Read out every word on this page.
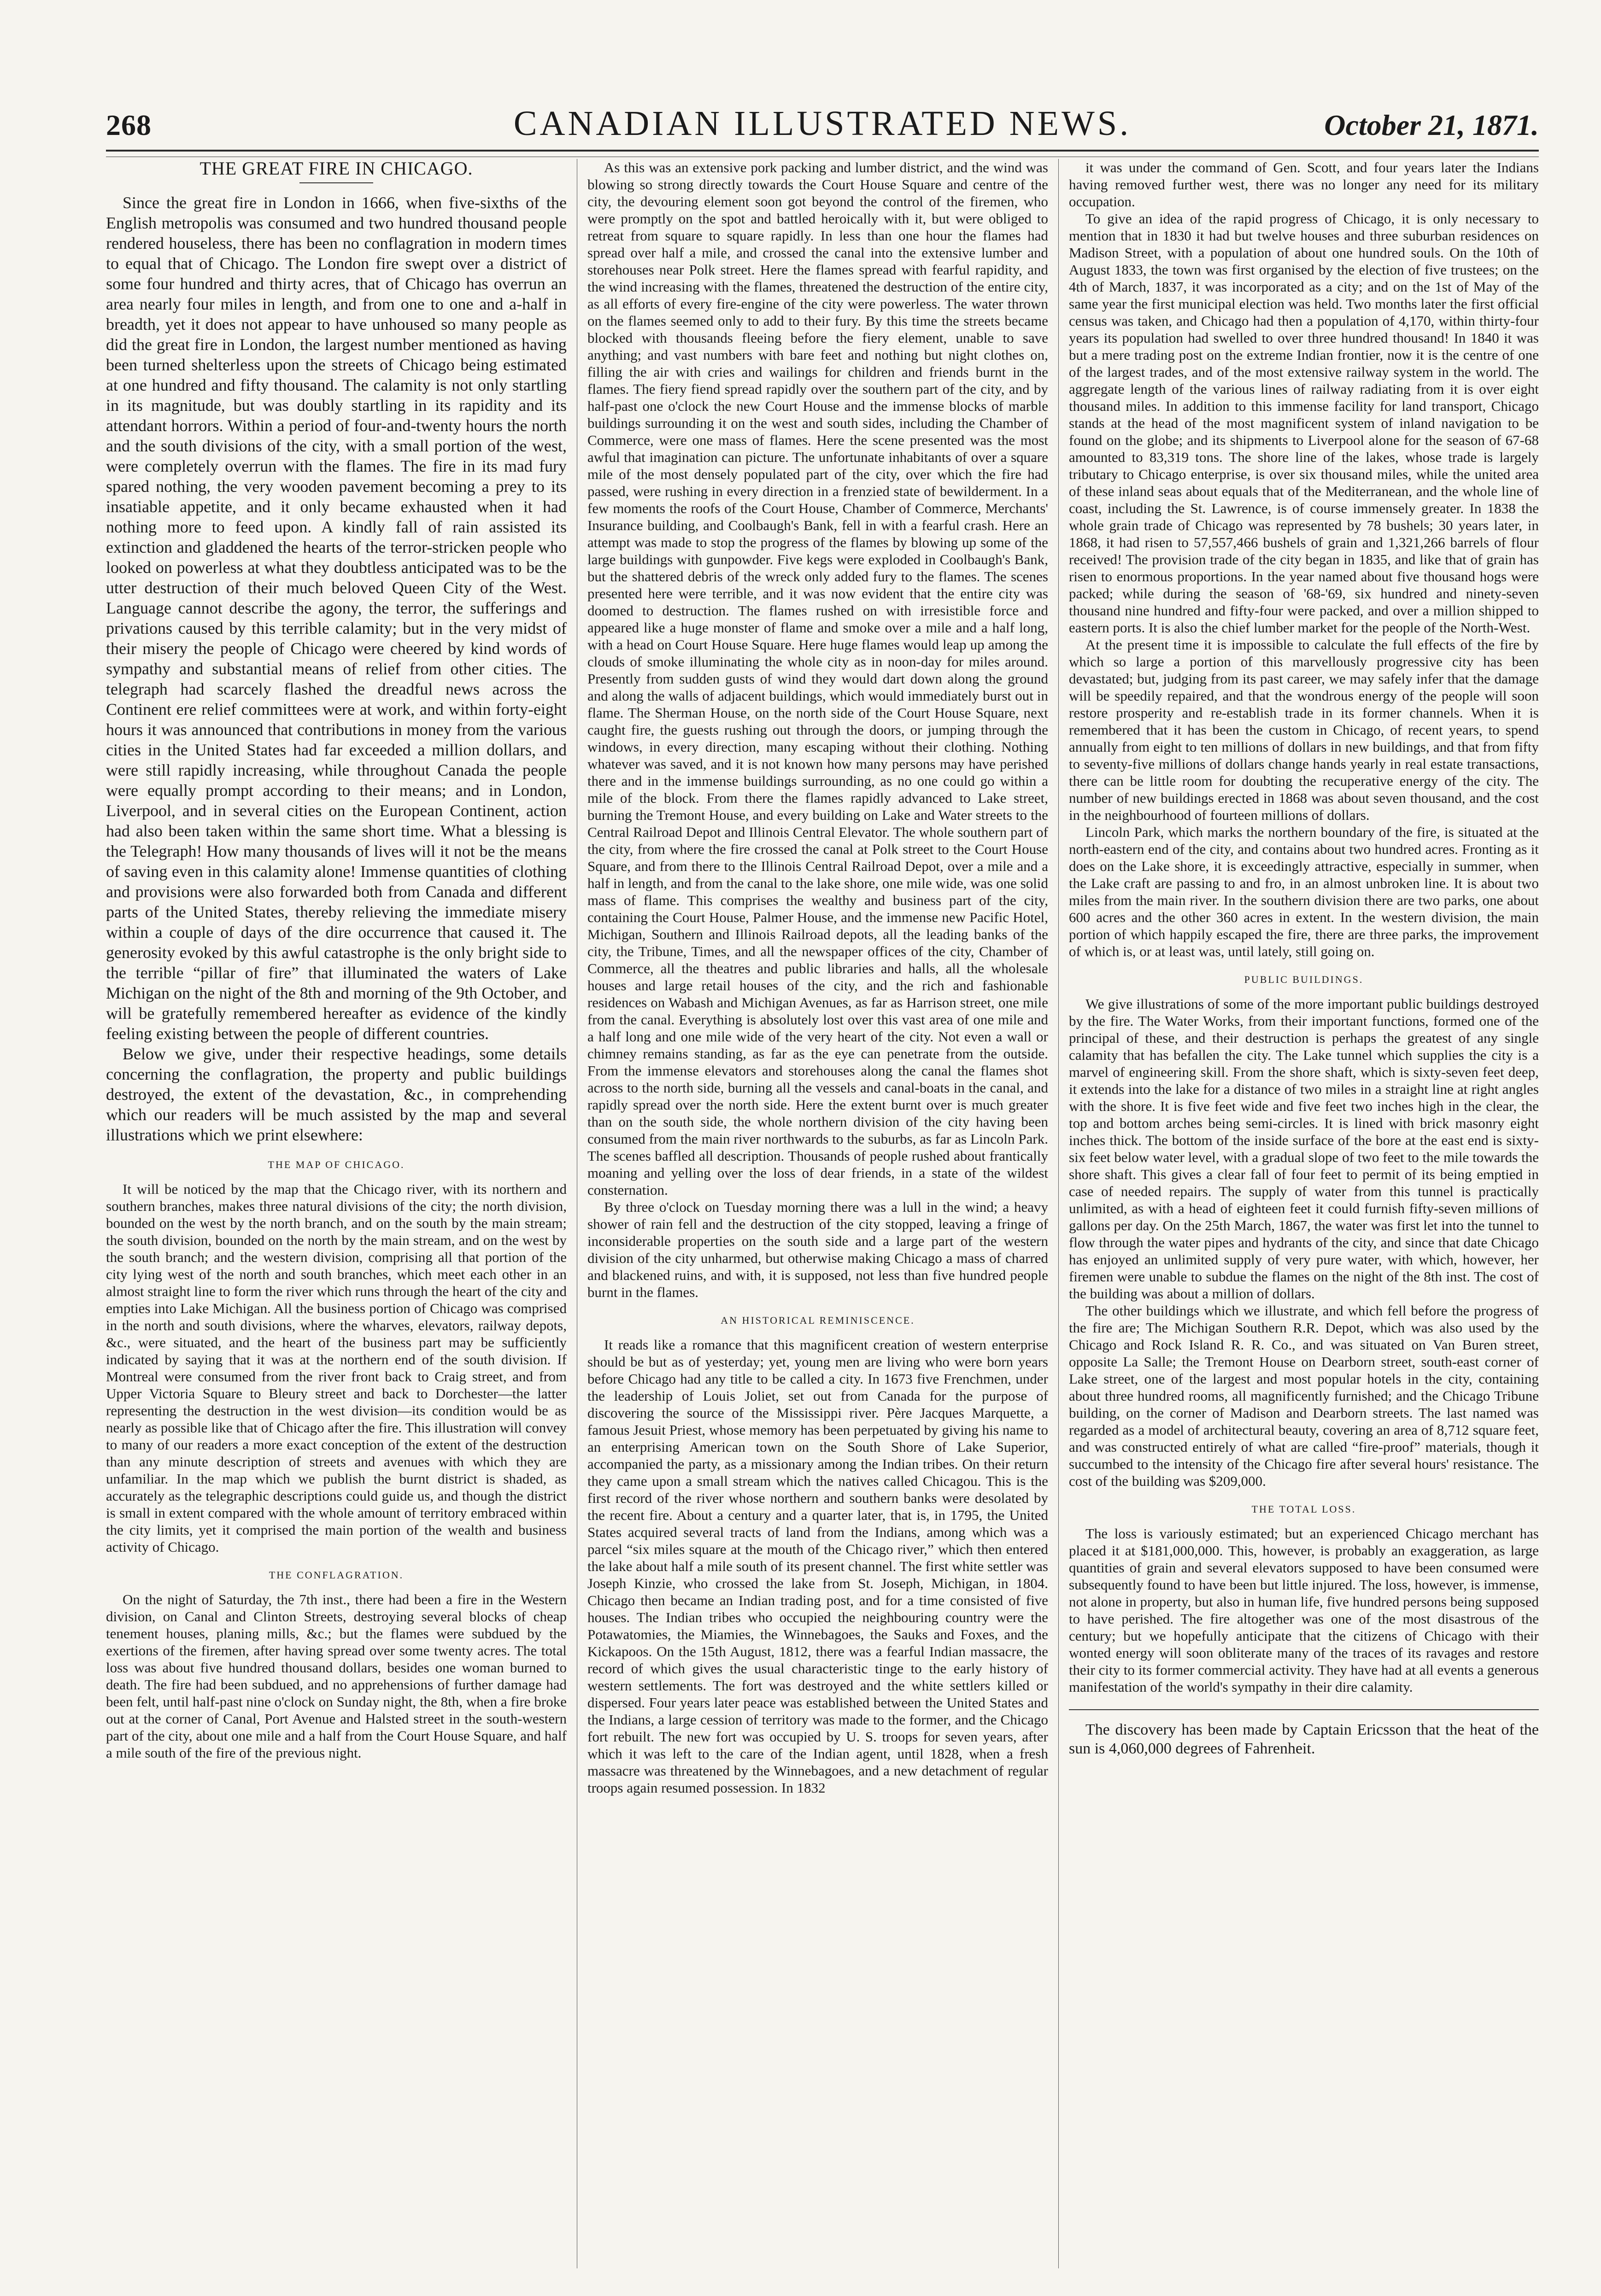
268	CANADIAN ILLUSTRATED NEWS.	October 21, 1871.
THE GREAT FIRE IN CHICAGO.

Since the great fire in London in 1666, when five-sixths of the English metropolis was consumed and two hundred thousand people rendered houseless, there has been no conflagration in modern times to equal that of Chicago. The London fire swept over a district of some four hundred and thirty acres, that of Chicago has overrun an area nearly four miles in length, and from one to one and a-half in breadth, yet it does not appear to have unhoused so many people as did the great fire in London, the largest number mentioned as having been turned shelterless upon the streets of Chicago being estimated at one hundred and fifty thousand. The calamity is not only startling in its magnitude, but was doubly startling in its rapidity and its attendant horrors. Within a period of four-and-twenty hours the north and the south divisions of the city, with a small portion of the west, were completely overrun with the flames. The fire in its mad fury spared nothing, the very wooden pavement becoming a prey to its insatiable appetite, and it only became exhausted when it had nothing more to feed upon. A kindly fall of rain assisted its extinction and gladdened the hearts of the terror-stricken people who looked on powerless at what they doubtless anticipated was to be the utter destruction of their much beloved Queen City of the West. Language cannot describe the agony, the terror, the sufferings and privations caused by this terrible calamity; but in the very midst of their misery the people of Chicago were cheered by kind words of sympathy and substantial means of relief from other cities. The telegraph had scarcely flashed the dreadful news across the Continent ere relief committees were at work, and within forty-eight hours it was announced that contributions in money from the various cities in the United States had far exceeded a million dollars, and were still rapidly increasing, while throughout Canada the people were equally prompt according to their means; and in London, Liverpool, and in several cities on the European Continent, action had also been taken within the same short time. What a blessing is the Telegraph! How many thousands of lives will it not be the means of saving even in this calamity alone! Immense quantities of clothing and provisions were also forwarded both from Canada and different parts of the United States, thereby relieving the immediate misery within a couple of days of the dire occurrence that caused it. The generosity evoked by this awful catastrophe is the only bright side to the terrible “pillar of fire” that illuminated the waters of Lake Michigan on the night of the 8th and morning of the 9th October, and will be gratefully remembered hereafter as evidence of the kindly feeling existing between the people of different countries.

Below we give, under their respective headings, some details concerning the conflagration, the property and public buildings destroyed, the extent of the devastation, &c., in comprehending which our readers will be much assisted by the map and several illustrations which we print elsewhere:

THE MAP OF CHICAGO.

It will be noticed by the map that the Chicago river, with its northern and southern branches, makes three natural divisions of the city; the north division, bounded on the west by the north branch, and on the south by the main stream; the south division, bounded on the north by the main stream, and on the west by the south branch; and the western division, comprising all that portion of the city lying west of the north and south branches, which meet each other in an almost straight line to form the river which runs through the heart of the city and empties into Lake Michigan. All the business portion of Chicago was comprised in the north and south divisions, where the wharves, elevators, railway depots, &c., were situated, and the heart of the business part may be sufficiently indicated by saying that it was at the northern end of the south division. If Montreal were consumed from the river front back to Craig street, and from Upper Victoria Square to Bleury street and back to Dorchester—the latter representing the destruction in the west division—its condition would be as nearly as possible like that of Chicago after the fire. This illustration will convey to many of our readers a more exact conception of the extent of the destruction than any minute description of streets and avenues with which they are unfamiliar. In the map which we publish the burnt district is shaded, as accurately as the telegraphic descriptions could guide us, and though the district is small in extent compared with the whole amount of territory embraced within the city limits, yet it comprised the main portion of the wealth and business activity of Chicago.

THE CONFLAGRATION.

On the night of Saturday, the 7th inst., there had been a fire in the Western division, on Canal and Clinton Streets, destroying several blocks of cheap tenement houses, planing mills, &c.; but the flames were subdued by the exertions of the firemen, after having spread over some twenty acres. The total loss was about five hundred thousand dollars, besides one woman burned to death. The fire had been subdued, and no apprehensions of further damage had been felt, until half-past nine o'clock on Sunday night, the 8th, when a fire broke out at the corner of Canal, Port Avenue and Halsted street in the south-western part of the city, about one mile and a half from the Court House Square, and half a mile south of the fire of the previous night.

As this was an extensive pork packing and lumber district, and the wind was blowing so strong directly towards the Court House Square and centre of the city, the devouring element soon got beyond the control of the firemen, who were promptly on the spot and battled heroically with it, but were obliged to retreat from square to square rapidly. In less than one hour the flames had spread over half a mile, and crossed the canal into the extensive lumber and storehouses near Polk street. Here the flames spread with fearful rapidity, and the wind increasing with the flames, threatened the destruction of the entire city, as all efforts of every fire-engine of the city were powerless. The water thrown on the flames seemed only to add to their fury. By this time the streets became blocked with thousands fleeing before the fiery element, unable to save anything; and vast numbers with bare feet and nothing but night clothes on, filling the air with cries and wailings for children and friends burnt in the flames. The fiery fiend spread rapidly over the southern part of the city, and by half-past one o'clock the new Court House and the immense blocks of marble buildings surrounding it on the west and south sides, including the Chamber of Commerce, were one mass of flames. Here the scene presented was the most awful that imagination can picture. The unfortunate inhabitants of over a square mile of the most densely populated part of the city, over which the fire had passed, were rushing in every direction in a frenzied state of bewilderment. In a few moments the roofs of the Court House, Chamber of Commerce, Merchants' Insurance building, and Coolbaugh's Bank, fell in with a fearful crash. Here an attempt was made to stop the progress of the flames by blowing up some of the large buildings with gunpowder. Five kegs were exploded in Coolbaugh's Bank, but the shattered debris of the wreck only added fury to the flames. The scenes presented here were terrible, and it was now evident that the entire city was doomed to destruction. The flames rushed on with irresistible force and appeared like a huge monster of flame and smoke over a mile and a half long, with a head on Court House Square. Here huge flames would leap up among the clouds of smoke illuminating the whole city as in noon-day for miles around. Presently from sudden gusts of wind they would dart down along the ground and along the walls of adjacent buildings, which would immediately burst out in flame. The Sherman House, on the north side of the Court House Square, next caught fire, the guests rushing out through the doors, or jumping through the windows, in every direction, many escaping without their clothing. Nothing whatever was saved, and it is not known how many persons may have perished there and in the immense buildings surrounding, as no one could go within a mile of the block. From there the flames rapidly advanced to Lake street, burning the Tremont House, and every building on Lake and Water streets to the Central Railroad Depot and Illinois Central Elevator. The whole southern part of the city, from where the fire crossed the canal at Polk street to the Court House Square, and from there to the Illinois Central Railroad Depot, over a mile and a half in length, and from the canal to the lake shore, one mile wide, was one solid mass of flame. This comprises the wealthy and business part of the city, containing the Court House, Palmer House, and the immense new Pacific Hotel, Michigan, Southern and Illinois Railroad depots, all the leading banks of the city, the Tribune, Times, and all the newspaper offices of the city, Chamber of Commerce, all the theatres and public libraries and halls, all the wholesale houses and large retail houses of the city, and the rich and fashionable residences on Wabash and Michigan Avenues, as far as Harrison street, one mile from the canal. Everything is absolutely lost over this vast area of one mile and a half long and one mile wide of the very heart of the city. Not even a wall or chimney remains standing, as far as the eye can penetrate from the outside. From the immense elevators and storehouses along the canal the flames shot across to the north side, burning all the vessels and canal-boats in the canal, and rapidly spread over the north side. Here the extent burnt over is much greater than on the south side, the whole northern division of the city having been consumed from the main river northwards to the suburbs, as far as Lincoln Park. The scenes baffled all description. Thousands of people rushed about frantically moaning and yelling over the loss of dear friends, in a state of the wildest consternation.

By three o'clock on Tuesday morning there was a lull in the wind; a heavy shower of rain fell and the destruction of the city stopped, leaving a fringe of inconsiderable properties on the south side and a large part of the western division of the city unharmed, but otherwise making Chicago a mass of charred and blackened ruins, and with, it is supposed, not less than five hundred people burnt in the flames.

AN HISTORICAL REMINISCENCE.

It reads like a romance that this magnificent creation of western enterprise should be but as of yesterday; yet, young men are living who were born years before Chicago had any title to be called a city. In 1673 five Frenchmen, under the leadership of Louis Joliet, set out from Canada for the purpose of discovering the source of the Mississippi river. Père Jacques Marquette, a famous Jesuit Priest, whose memory has been perpetuated by giving his name to an enterprising American town on the South Shore of Lake Superior, accompanied the party, as a missionary among the Indian tribes. On their return they came upon a small stream which the natives called Chicagou. This is the first record of the river whose northern and southern banks were desolated by the recent fire. About a century and a quarter later, that is, in 1795, the United States acquired several tracts of land from the Indians, among which was a parcel “six miles square at the mouth of the Chicago river,” which then entered the lake about half a mile south of its present channel. The first white settler was Joseph Kinzie, who crossed the lake from St. Joseph, Michigan, in 1804. Chicago then became an Indian trading post, and for a time consisted of five houses. The Indian tribes who occupied the neighbouring country were the Potawatomies, the Miamies, the Winnebagoes, the Sauks and Foxes, and the Kickapoos. On the 15th August, 1812, there was a fearful Indian massacre, the record of which gives the usual characteristic tinge to the early history of western settlements. The fort was destroyed and the white settlers killed or dispersed. Four years later peace was established between the United States and the Indians, a large cession of territory was made to the former, and the Chicago fort rebuilt. The new fort was occupied by U. S. troops for seven years, after which it was left to the care of the Indian agent, until 1828, when a fresh massacre was threatened by the Winnebagoes, and a new detachment of regular troops again resumed possession. In 1832

it was under the command of Gen. Scott, and four years later the Indians having removed further west, there was no longer any need for its military occupation.

To give an idea of the rapid progress of Chicago, it is only necessary to mention that in 1830 it had but twelve houses and three suburban residences on Madison Street, with a population of about one hundred souls. On the 10th of August 1833, the town was first organised by the election of five trustees; on the 4th of March, 1837, it was incorporated as a city; and on the 1st of May of the same year the first municipal election was held. Two months later the first official census was taken, and Chicago had then a population of 4,170, within thirty-four years its population had swelled to over three hundred thousand! In 1840 it was but a mere trading post on the extreme Indian frontier, now it is the centre of one of the largest trades, and of the most extensive railway system in the world. The aggregate length of the various lines of railway radiating from it is over eight thousand miles. In addition to this immense facility for land transport, Chicago stands at the head of the most magnificent system of inland navigation to be found on the globe; and its shipments to Liverpool alone for the season of 67-68 amounted to 83,319 tons. The shore line of the lakes, whose trade is largely tributary to Chicago enterprise, is over six thousand miles, while the united area of these inland seas about equals that of the Mediterranean, and the whole line of coast, including the St. Lawrence, is of course immensely greater. In 1838 the whole grain trade of Chicago was represented by 78 bushels; 30 years later, in 1868, it had risen to 57,557,466 bushels of grain and 1,321,266 barrels of flour received! The provision trade of the city began in 1835, and like that of grain has risen to enormous proportions. In the year named about five thousand hogs were packed; while during the season of '68-'69, six hundred and ninety-seven thousand nine hundred and fifty-four were packed, and over a million shipped to eastern ports. It is also the chief lumber market for the people of the North-West.

At the present time it is impossible to calculate the full effects of the fire by which so large a portion of this marvellously progressive city has been devastated; but, judging from its past career, we may safely infer that the damage will be speedily repaired, and that the wondrous energy of the people will soon restore prosperity and re-establish trade in its former channels. When it is remembered that it has been the custom in Chicago, of recent years, to spend annually from eight to ten millions of dollars in new buildings, and that from fifty to seventy-five millions of dollars change hands yearly in real estate transactions, there can be little room for doubting the recuperative energy of the city. The number of new buildings erected in 1868 was about seven thousand, and the cost in the neighbourhood of fourteen millions of dollars.

Lincoln Park, which marks the northern boundary of the fire, is situated at the north-eastern end of the city, and contains about two hundred acres. Fronting as it does on the Lake shore, it is exceedingly attractive, especially in summer, when the Lake craft are passing to and fro, in an almost unbroken line. It is about two miles from the main river. In the southern division there are two parks, one about 600 acres and the other 360 acres in extent. In the western division, the main portion of which happily escaped the fire, there are three parks, the improvement of which is, or at least was, until lately, still going on.

PUBLIC BUILDINGS.

We give illustrations of some of the more important public buildings destroyed by the fire. The Water Works, from their important functions, formed one of the principal of these, and their destruction is perhaps the greatest of any single calamity that has befallen the city. The Lake tunnel which supplies the city is a marvel of engineering skill. From the shore shaft, which is sixty-seven feet deep, it extends into the lake for a distance of two miles in a straight line at right angles with the shore. It is five feet wide and five feet two inches high in the clear, the top and bottom arches being semi-circles. It is lined with brick masonry eight inches thick. The bottom of the inside surface of the bore at the east end is sixty-six feet below water level, with a gradual slope of two feet to the mile towards the shore shaft. This gives a clear fall of four feet to permit of its being emptied in case of needed repairs. The supply of water from this tunnel is practically unlimited, as with a head of eighteen feet it could furnish fifty-seven millions of gallons per day. On the 25th March, 1867, the water was first let into the tunnel to flow through the water pipes and hydrants of the city, and since that date Chicago has enjoyed an unlimited supply of very pure water, with which, however, her firemen were unable to subdue the flames on the night of the 8th inst. The cost of the building was about a million of dollars.

The other buildings which we illustrate, and which fell before the progress of the fire are; The Michigan Southern R.R. Depot, which was also used by the Chicago and Rock Island R. R. Co., and was situated on Van Buren street, opposite La Salle; the Tremont House on Dearborn street, south-east corner of Lake street, one of the largest and most popular hotels in the city, containing about three hundred rooms, all magnificently furnished; and the Chicago Tribune building, on the corner of Madison and Dearborn streets. The last named was regarded as a model of architectural beauty, covering an area of 8,712 square feet, and was constructed entirely of what are called “fire-proof” materials, though it succumbed to the intensity of the Chicago fire after several hours' resistance. The cost of the building was $209,000.

THE TOTAL LOSS.

The loss is variously estimated; but an experienced Chicago merchant has placed it at $181,000,000. This, however, is probably an exaggeration, as large quantities of grain and several elevators supposed to have been consumed were subsequently found to have been but little injured. The loss, however, is immense, not alone in property, but also in human life, five hundred persons being supposed to have perished. The fire altogether was one of the most disastrous of the century; but we hopefully anticipate that the citizens of Chicago with their wonted energy will soon obliterate many of the traces of its ravages and restore their city to its former commercial activity. They have had at all events a generous manifestation of the world's sympathy in their dire calamity.

The discovery has been made by Captain Ericsson that the heat of the sun is 4,060,000 degrees of Fahrenheit.
